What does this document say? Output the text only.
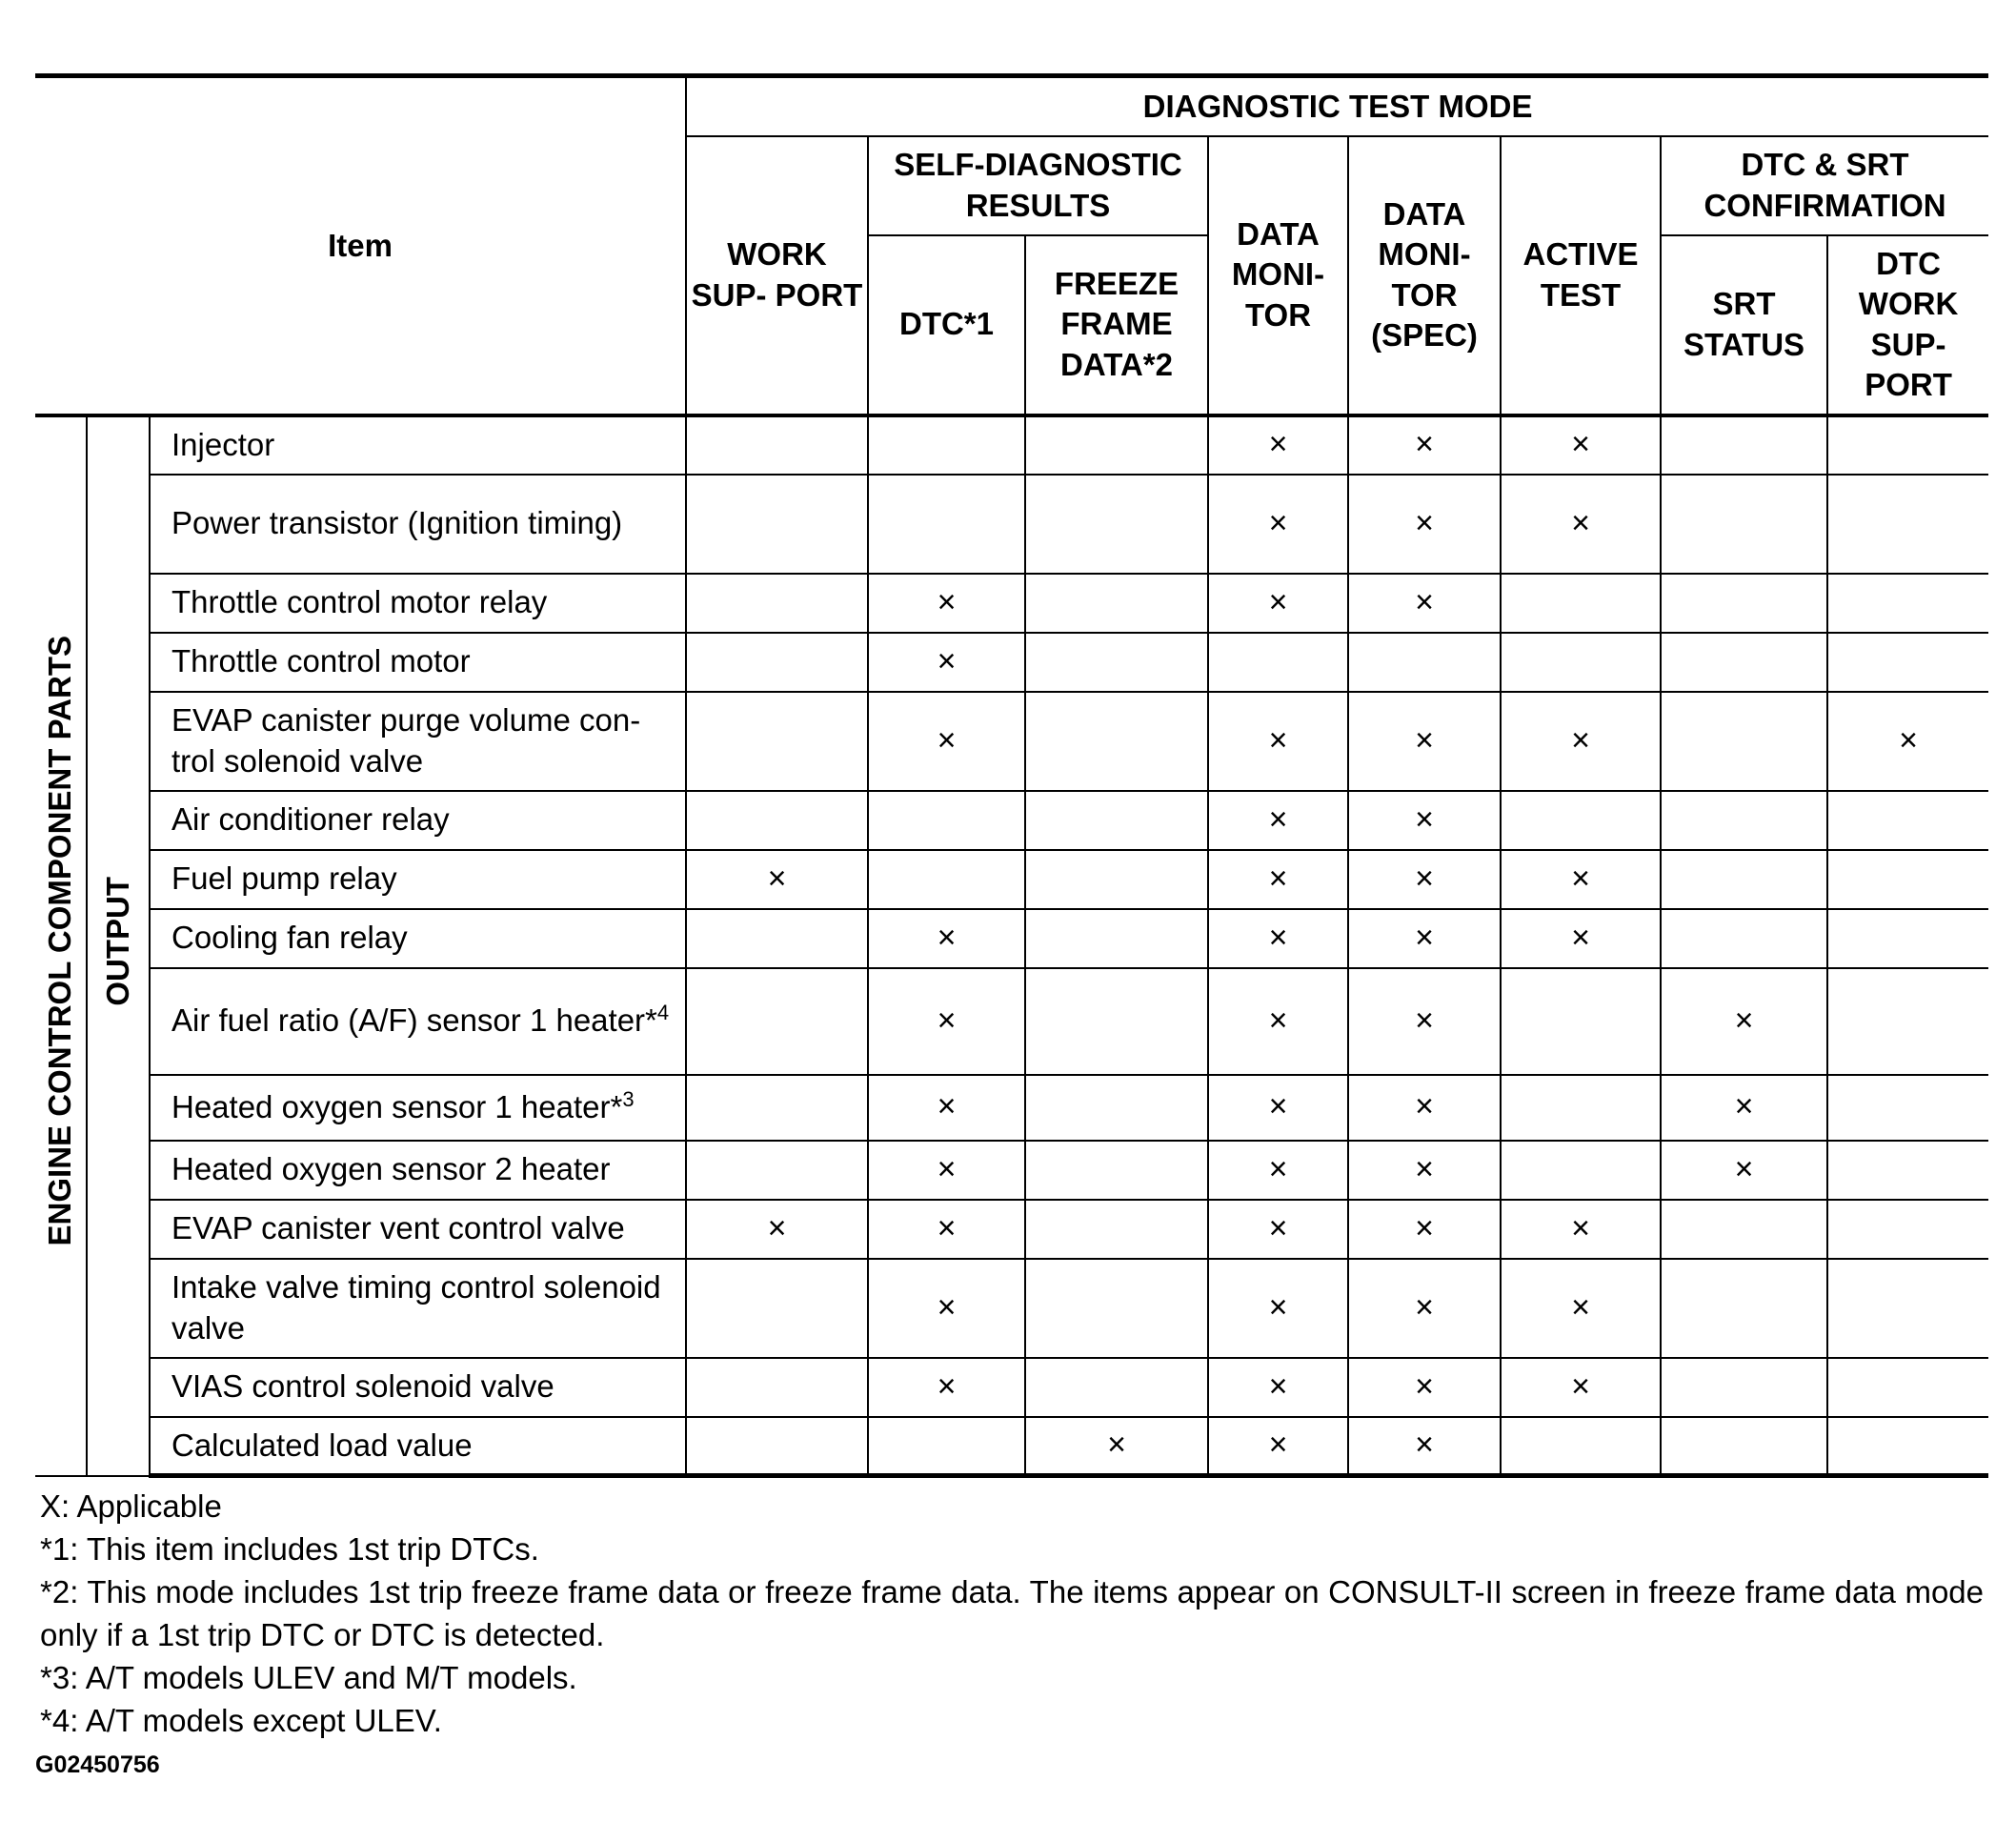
Item			DIAGNOSTIC TEST MODE							
			WORK SUP- PORT	SELF-DIAGNOSTIC RESULTS		DATA MONI- TOR	DATA MONI- TOR (SPEC)	ACTIVE TEST	DTC & SRT CONFIRMATION	
				DTC*1	FREEZE FRAME DATA*2				SRT STATUS	DTC WORK SUP- PORT
ENGINE CONTROL COMPONENT PARTS	OUTPUT	Injector				×	×	×		
		Power transistor (Ignition timing)				×	×	×		
		Throttle control motor relay		×		×	×			
		Throttle control motor		×						
		EVAP canister purge volume con- trol solenoid valve		×		×	×	×		×
		Air conditioner relay				×	×			
		Fuel pump relay	×			×	×	×		
		Cooling fan relay		×		×	×	×		
		Air fuel ratio (A/F) sensor 1 heater*$^4$		×		×	×		×	
		Heated oxygen sensor 1 heater*$^3$		×		×	×		×	
		Heated oxygen sensor 2 heater		×		×	×		×	
		EVAP canister vent control valve	×	×		×	×	×		
		Intake valve timing control solenoid valve		×		×	×	×		
		VIAS control solenoid valve		×		×	×	×		
		Calculated load value			×	×	×			

X: Applicable

*1: This item includes 1st trip DTCs.

*2: This mode includes 1st trip freeze frame data or freeze frame data. The items appear on CONSULT-II screen in freeze frame data mode only if a 1st trip DTC or DTC is detected.

*3: A/T models ULEV and M/T models.

*4: A/T models except ULEV.

G02450756
